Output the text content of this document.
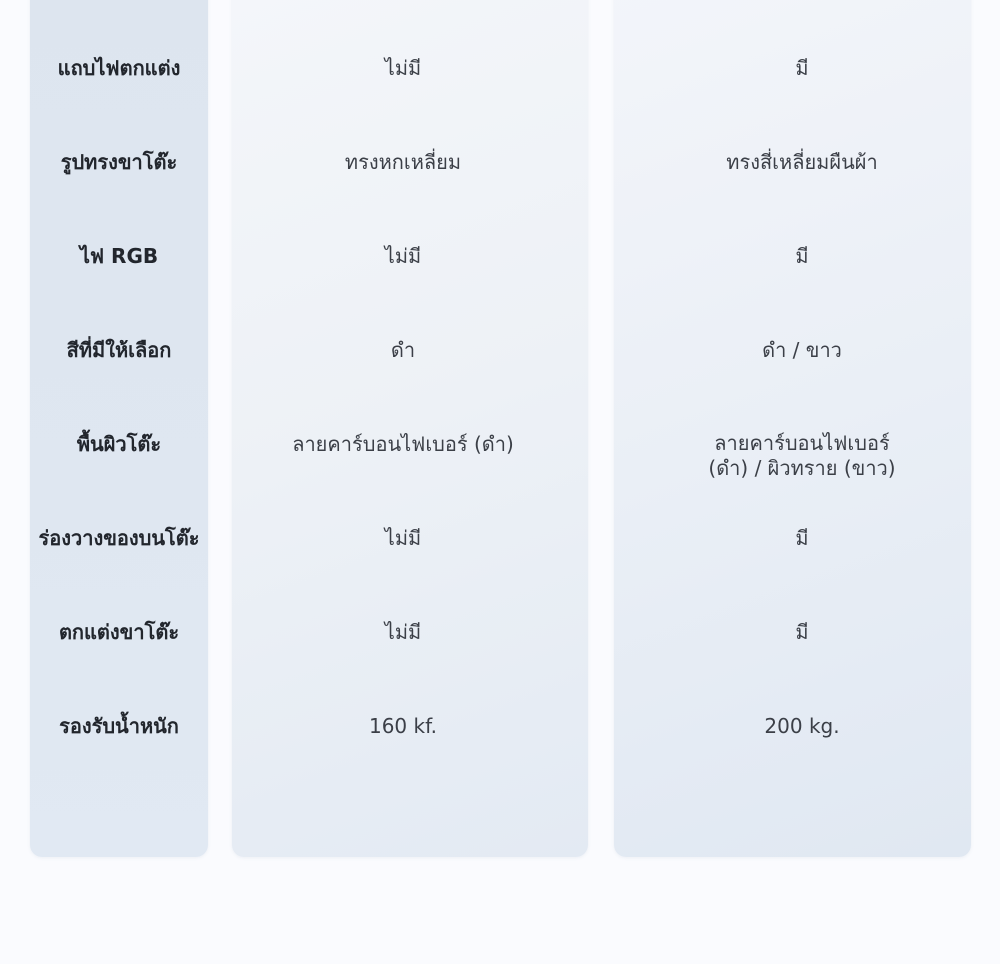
แถบไฟตกแต่ง	ไม่มี	มี
รูปทรงขาโต๊ะ	ทรงหกเหลี่ยม	ทรงสี่เหลี่ยมผืนผ้า
ไฟ RGB	ไม่มี	มี
สีที่มีให้เลือก	ดำ	ดำ / ขาว
พื้นผิวโต๊ะ	ลายคาร์บอนไฟเบอร์ (ดำ)	ลายคาร์บอนไฟเบอร์
(ดำ) / ผิวทราย (ขาว)
ร่องวางของบนโต๊ะ	ไม่มี	มี
ตกแต่งขาโต๊ะ	ไม่มี	มี
รองรับน้ำหนัก	160 kf.	200 kg.
